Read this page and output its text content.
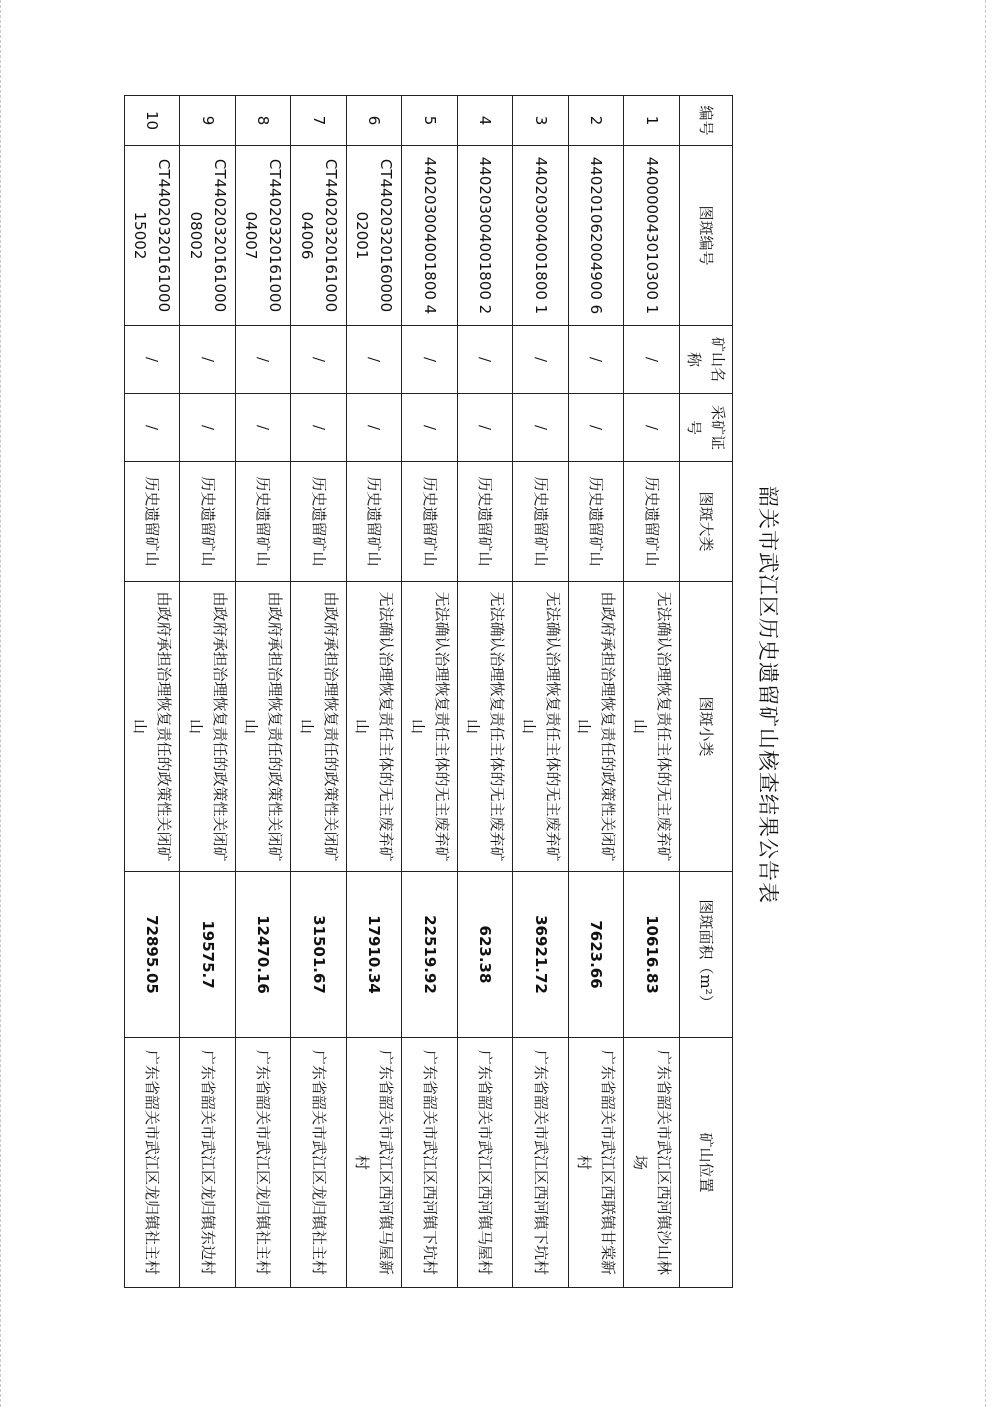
韶关市武江区历史遗留矿山核查结果公告表
编号	图斑编号	矿山名称	采矿证号	图斑大类	图斑小类	图斑面积（m²）	矿山位置
1	440000043010300 1	/	/	历史遗留矿山	无法确认治理恢复责任主体的无主废弃矿山	10616.83	广东省韶关市武江区西河镇沙山林场
2	440201062004900 6	/	/	历史遗留矿山	由政府承担治理恢复责任的政策性关闭矿山	7623.66	广东省韶关市武江区西联镇甘棠新村
3	440203004001800 1	/	/	历史遗留矿山	无法确认治理恢复责任主体的无主废弃矿山	36921.72	广东省韶关市武江区西河镇下坑村
4	440203004001800 2	/	/	历史遗留矿山	无法确认治理恢复责任主体的无主废弃矿山	623.38	广东省韶关市武江区西河镇马屋村
5	440203004001800 4	/	/	历史遗留矿山	无法确认治理恢复责任主体的无主废弃矿山	22519.92	广东省韶关市武江区西河镇下坑村
6	CT44020320160000 02001	/	/	历史遗留矿山	无法确认治理恢复责任主体的无主废弃矿山	17910.34	广东省韶关市武江区西河镇马屋新村
7	CT44020320161000 04006	/	/	历史遗留矿山	由政府承担治理恢复责任的政策性关闭矿山	31501.67	广东省韶关市武江区龙归镇社主村
8	CT44020320161000 04007	/	/	历史遗留矿山	由政府承担治理恢复责任的政策性关闭矿山	12470.16	广东省韶关市武江区龙归镇社主村
9	CT44020320161000 08002	/	/	历史遗留矿山	由政府承担治理恢复责任的政策性关闭矿山	19575.7	广东省韶关市武江区龙归镇东边村
10	CT44020320161000 15002	/	/	历史遗留矿山	由政府承担治理恢复责任的政策性关闭矿山	72895.05	广东省韶关市武江区龙归镇社主村
